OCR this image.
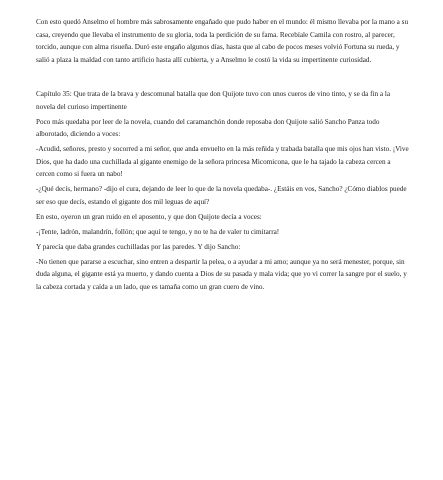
Con esto quedó Anselmo el hombre más sabrosamente engañado que pudo haber en el mundo: él mismo llevaba por la mano a su casa, creyendo que llevaba el instrumento de su gloria, toda la perdición de su fama. Recebíale Camila con rostro, al parecer, torcido, aunque con alma risueña. Duró este engaño algunos días, hasta que al cabo de pocos meses volvió Fortuna su rueda, y salió a plaza la maldad con tanto artificio hasta allí cubierta, y a Anselmo le costó la vida su impertinente curiosidad.

Capítulo 35: Que trata de la brava y descomunal batalla que don Quijote tuvo con unos cueros de vino tinto, y se da fin a la novela del curioso impertinente

Poco más quedaba por leer de la novela, cuando del caramanchón donde reposaba don Quijote salió Sancho Panza todo alborotado, diciendo a voces:

-Acudid, señores, presto y socorred a mi señor, que anda envuelto en la más reñida y trabada batalla que mis ojos han visto. ¡Vive Dios, que ha dado una cuchillada al gigante enemigo de la señora princesa Micomicona, que le ha tajado la cabeza cercen a cercen como si fuera un nabo!

-¿Qué decís, hermano? -dijo el cura, dejando de leer lo que de la novela quedaba-. ¿Estáis en vos, Sancho? ¿Cómo diablos puede ser eso que decís, estando el gigante dos mil leguas de aquí?

En esto, oyeron un gran ruido en el aposento, y que don Quijote decía a voces:

-¡Tente, ladrón, malandrín, follón; que aquí te tengo, y no te ha de valer tu cimitarra!

Y parecía que daba grandes cuchilladas por las paredes. Y dijo Sancho:

-No tienen que pararse a escuchar, sino entren a despartir la pelea, o a ayudar a mi amo; aunque ya no será menester, porque, sin duda alguna, el gigante está ya muerto, y dando cuenta a Dios de su pasada y mala vida; que yo vi correr la sangre por el suelo, y la cabeza cortada y caída a un lado, que es tamaña como un gran cuero de vino.
